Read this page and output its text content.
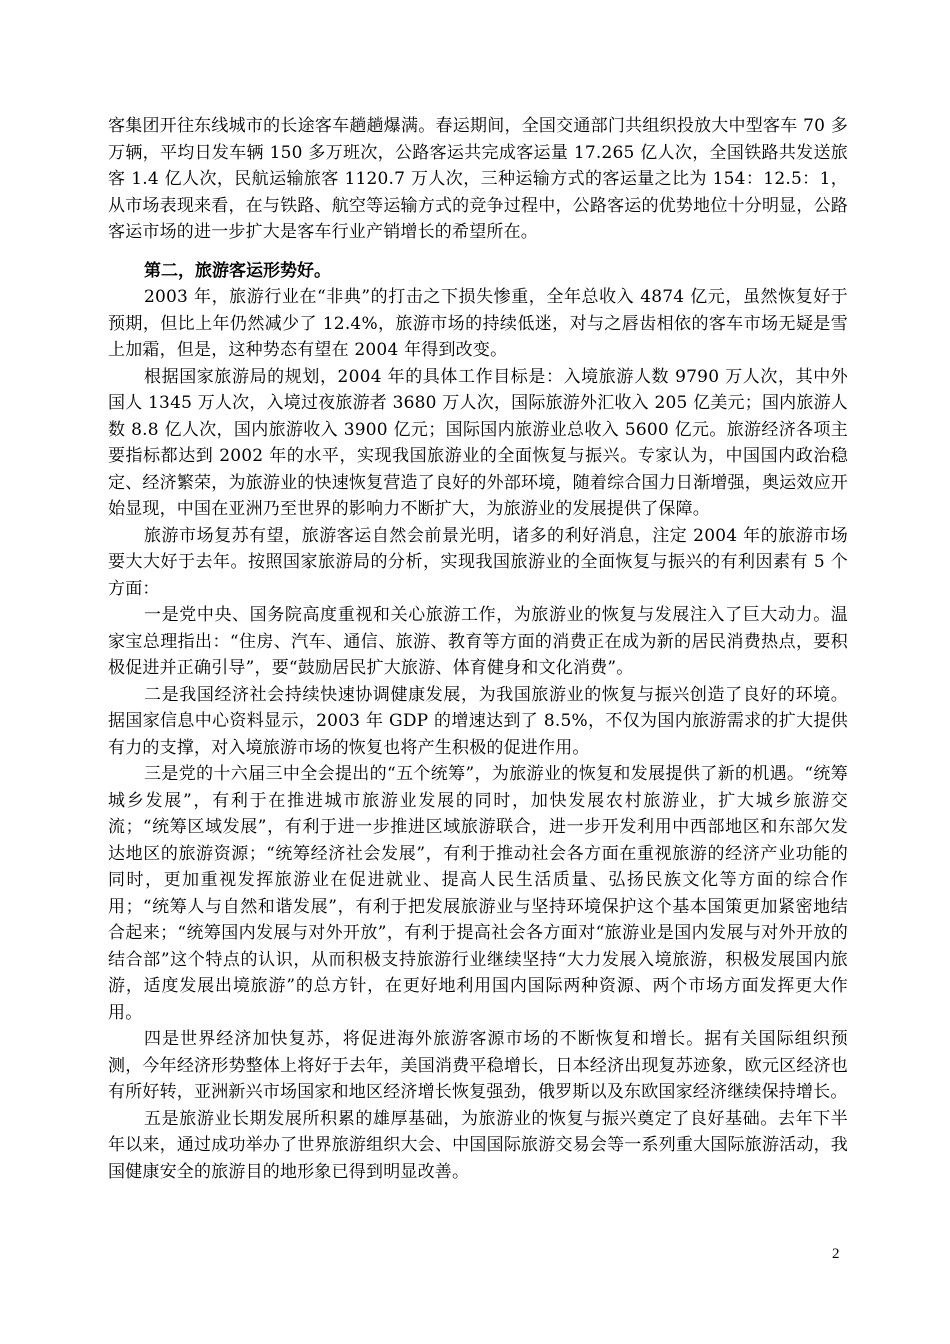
客集团开往东线城市的长途客车趟趟爆满。春运期间，全国交通部门共组织投放大中型客车 70 多万辆，平均日发车辆 150 多万班次，公路客运共完成客运量 17.265 亿人次，全国铁路共发送旅客 1.4 亿人次，民航运输旅客 1120.7 万人次，三种运输方式的客运量之比为 154：12.5：1，从市场表现来看，在与铁路、航空等运输方式的竞争过程中，公路客运的优势地位十分明显，公路客运市场的进一步扩大是客车行业产销增长的希望所在。

第二，旅游客运形势好。

2003 年，旅游行业在“非典”的打击之下损失惨重，全年总收入 4874 亿元，虽然恢复好于预期，但比上年仍然减少了 12.4%，旅游市场的持续低迷，对与之唇齿相依的客车市场无疑是雪上加霜，但是，这种势态有望在 2004 年得到改变。

根据国家旅游局的规划，2004 年的具体工作目标是：入境旅游人数 9790 万人次，其中外国人 1345 万人次，入境过夜旅游者 3680 万人次，国际旅游外汇收入 205 亿美元；国内旅游人数 8.8 亿人次，国内旅游收入 3900 亿元；国际国内旅游业总收入 5600 亿元。旅游经济各项主要指标都达到 2002 年的水平，实现我国旅游业的全面恢复与振兴。专家认为，中国国内政治稳定、经济繁荣，为旅游业的快速恢复营造了良好的外部环境，随着综合国力日渐增强，奥运效应开始显现，中国在亚洲乃至世界的影响力不断扩大，为旅游业的发展提供了保障。

旅游市场复苏有望，旅游客运自然会前景光明，诸多的利好消息，注定 2004 年的旅游市场要大大好于去年。按照国家旅游局的分析，实现我国旅游业的全面恢复与振兴的有利因素有 5 个方面：

一是党中央、国务院高度重视和关心旅游工作，为旅游业的恢复与发展注入了巨大动力。温家宝总理指出：“住房、汽车、通信、旅游、教育等方面的消费正在成为新的居民消费热点，要积极促进并正确引导”，要“鼓励居民扩大旅游、体育健身和文化消费”。

二是我国经济社会持续快速协调健康发展，为我国旅游业的恢复与振兴创造了良好的环境。据国家信息中心资料显示，2003 年 GDP 的增速达到了 8.5%，不仅为国内旅游需求的扩大提供有力的支撑，对入境旅游市场的恢复也将产生积极的促进作用。

三是党的十六届三中全会提出的“五个统筹”，为旅游业的恢复和发展提供了新的机遇。“统筹城乡发展”，有利于在推进城市旅游业发展的同时，加快发展农村旅游业，扩大城乡旅游交流；“统筹区域发展”，有利于进一步推进区域旅游联合，进一步开发利用中西部地区和东部欠发达地区的旅游资源；“统筹经济社会发展”，有利于推动社会各方面在重视旅游的经济产业功能的同时，更加重视发挥旅游业在促进就业、提高人民生活质量、弘扬民族文化等方面的综合作用；“统筹人与自然和谐发展”，有利于把发展旅游业与坚持环境保护这个基本国策更加紧密地结合起来；“统筹国内发展与对外开放”，有利于提高社会各方面对“旅游业是国内发展与对外开放的结合部”这个特点的认识，从而积极支持旅游行业继续坚持“大力发展入境旅游，积极发展国内旅游，适度发展出境旅游”的总方针，在更好地利用国内国际两种资源、两个市场方面发挥更大作用。

四是世界经济加快复苏，将促进海外旅游客源市场的不断恢复和增长。据有关国际组织预测，今年经济形势整体上将好于去年，美国消费平稳增长，日本经济出现复苏迹象，欧元区经济也有所好转，亚洲新兴市场国家和地区经济增长恢复强劲，俄罗斯以及东欧国家经济继续保持增长。

五是旅游业长期发展所积累的雄厚基础，为旅游业的恢复与振兴奠定了良好基础。去年下半年以来，通过成功举办了世界旅游组织大会、中国国际旅游交易会等一系列重大国际旅游活动，我国健康安全的旅游目的地形象已得到明显改善。

2
